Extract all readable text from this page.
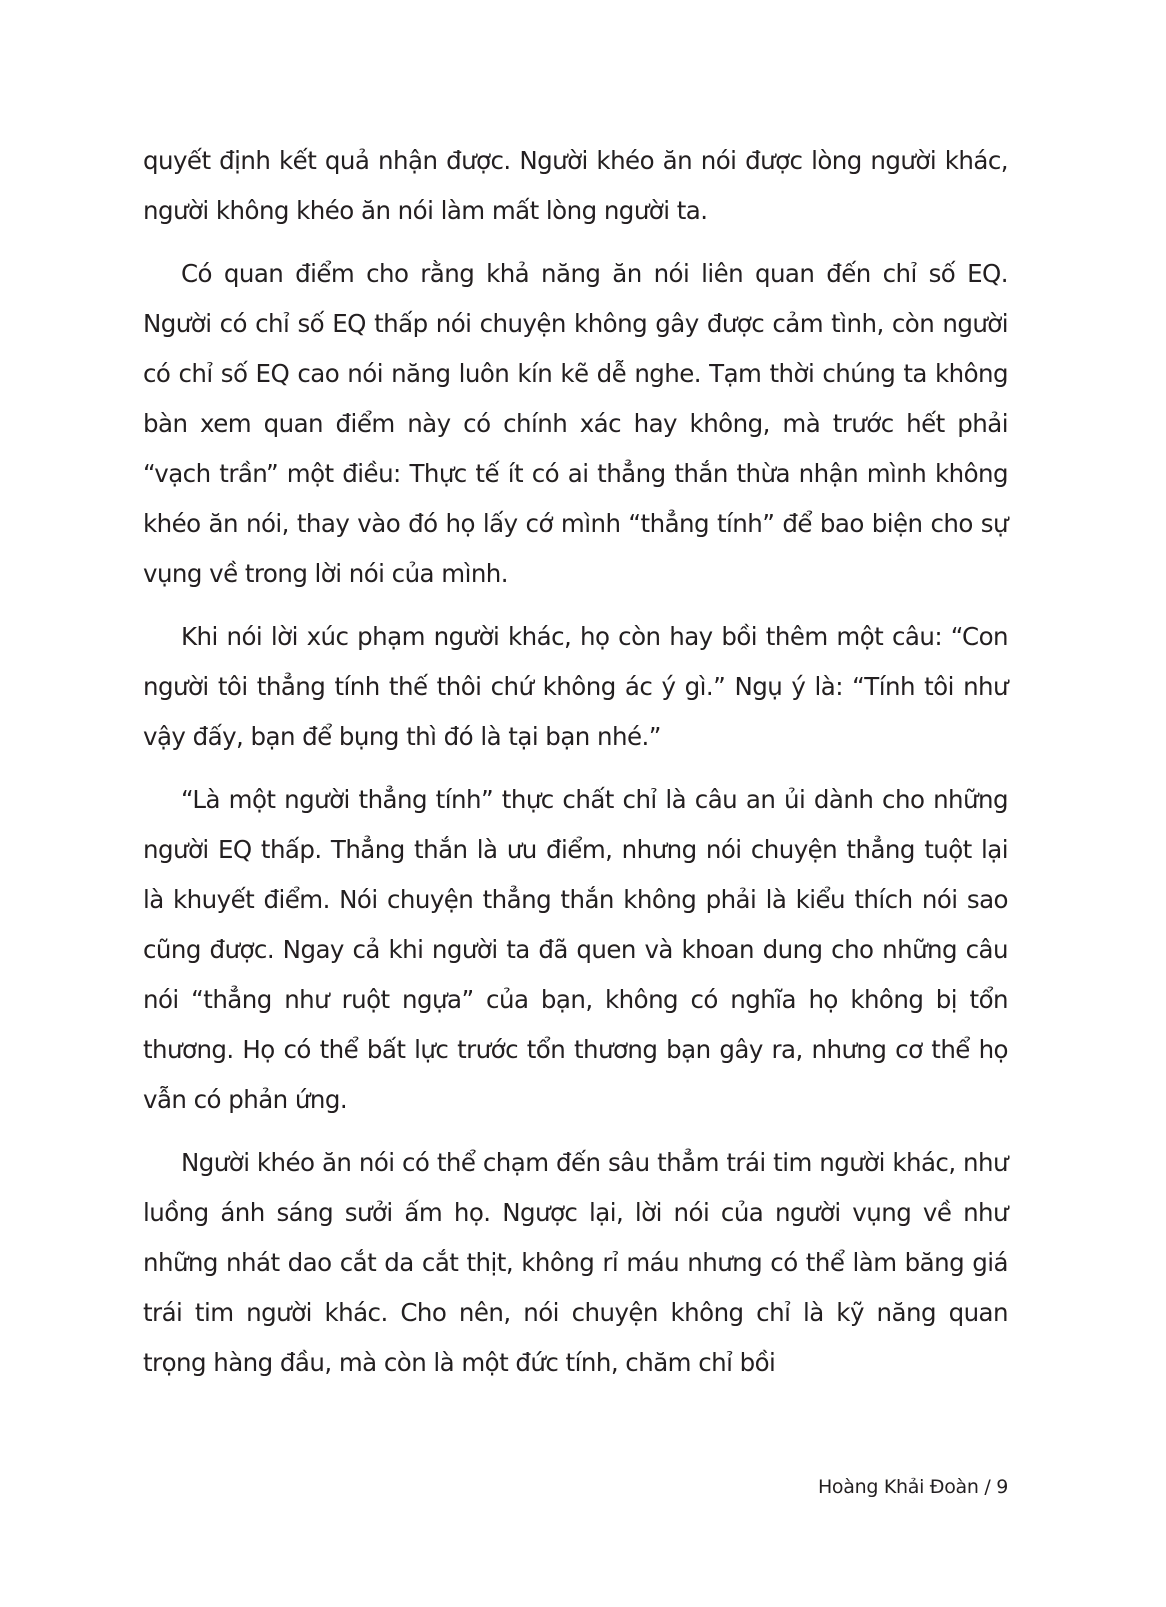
quyết định kết quả nhận được. Người khéo ăn nói được lòng người khác, người không khéo ăn nói làm mất lòng người ta.

Có quan điểm cho rằng khả năng ăn nói liên quan đến chỉ số EQ. Người có chỉ số EQ thấp nói chuyện không gây được cảm tình, còn người có chỉ số EQ cao nói năng luôn kín kẽ dễ nghe. Tạm thời chúng ta không bàn xem quan điểm này có chính xác hay không, mà trước hết phải “vạch trần” một điều: Thực tế ít có ai thẳng thắn thừa nhận mình không khéo ăn nói, thay vào đó họ lấy cớ mình “thẳng tính” để bao biện cho sự vụng về trong lời nói của mình.

Khi nói lời xúc phạm người khác, họ còn hay bồi thêm một câu: “Con người tôi thẳng tính thế thôi chứ không ác ý gì.” Ngụ ý là: “Tính tôi như vậy đấy, bạn để bụng thì đó là tại bạn nhé.”

“Là một người thẳng tính” thực chất chỉ là câu an ủi dành cho những người EQ thấp. Thẳng thắn là ưu điểm, nhưng nói chuyện thẳng tuột lại là khuyết điểm. Nói chuyện thẳng thắn không phải là kiểu thích nói sao cũng được. Ngay cả khi người ta đã quen và khoan dung cho những câu nói “thẳng như ruột ngựa” của bạn, không có nghĩa họ không bị tổn thương. Họ có thể bất lực trước tổn thương bạn gây ra, nhưng cơ thể họ vẫn có phản ứng.

Người khéo ăn nói có thể chạm đến sâu thẳm trái tim người khác, như luồng ánh sáng sưởi ấm họ. Ngược lại, lời nói của người vụng về như những nhát dao cắt da cắt thịt, không rỉ máu nhưng có thể làm băng giá trái tim người khác. Cho nên, nói chuyện không chỉ là kỹ năng quan trọng hàng đầu, mà còn là một đức tính, chăm chỉ bồi

Hoàng Khải Đoàn / 9
